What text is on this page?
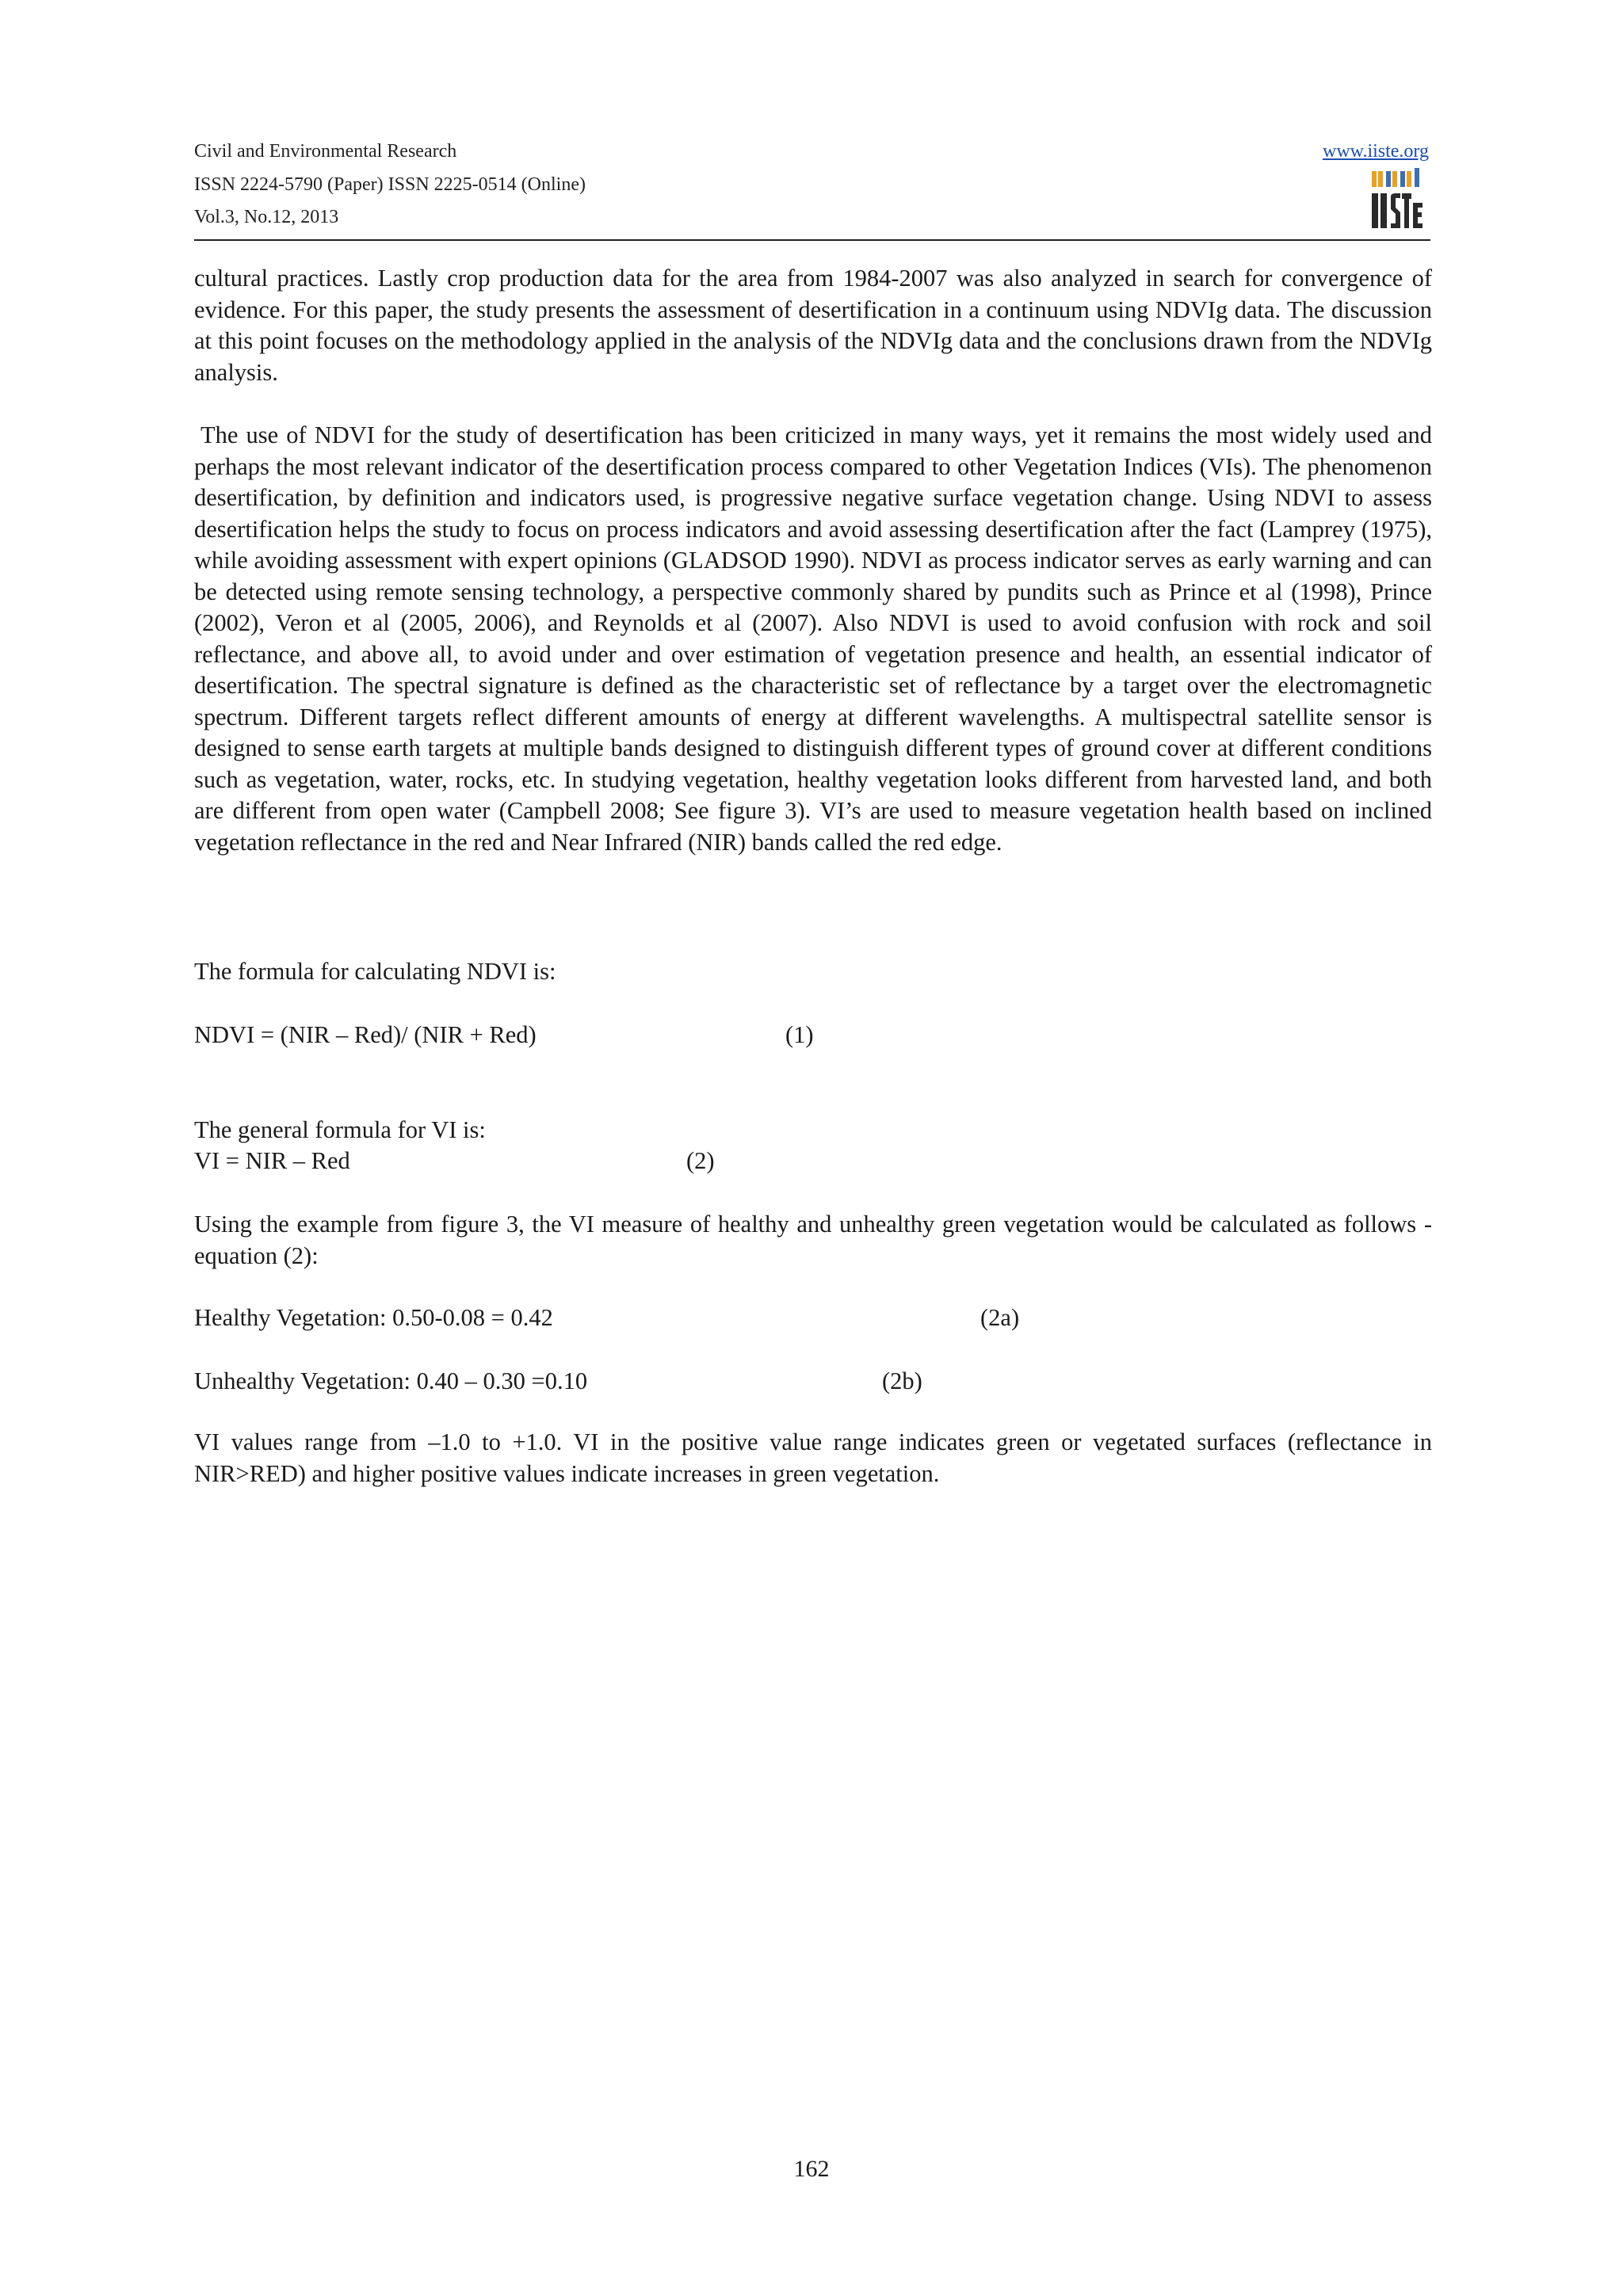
Civil and Environmental Research
ISSN 2224-5790 (Paper) ISSN 2225-0514 (Online)
Vol.3, No.12, 2013
www.iiste.org

cultural practices. Lastly crop production data for the area from 1984-2007 was also analyzed in search for convergence of evidence. For this paper, the study presents the assessment of desertification in a continuum using NDVIg data. The discussion at this point focuses on the methodology applied in the analysis of the NDVIg data and the conclusions drawn from the NDVIg analysis.

The use of NDVI for the study of desertification has been criticized in many ways, yet it remains the most widely used and perhaps the most relevant indicator of the desertification process compared to other Vegetation Indices (VIs). The phenomenon desertification, by definition and indicators used, is progressive negative surface vegetation change. Using NDVI to assess desertification helps the study to focus on process indicators and avoid assessing desertification after the fact (Lamprey (1975), while avoiding assessment with expert opinions (GLADSOD 1990). NDVI as process indicator serves as early warning and can be detected using remote sensing technology, a perspective commonly shared by pundits such as Prince et al (1998), Prince (2002), Veron et al (2005, 2006), and Reynolds et al (2007). Also NDVI is used to avoid confusion with rock and soil reflectance, and above all, to avoid under and over estimation of vegetation presence and health, an essential indicator of desertification. The spectral signature is defined as the characteristic set of reflectance by a target over the electromagnetic spectrum. Different targets reflect different amounts of energy at different wavelengths. A multispectral satellite sensor is designed to sense earth targets at multiple bands designed to distinguish different types of ground cover at different conditions such as vegetation, water, rocks, etc. In studying vegetation, healthy vegetation looks different from harvested land, and both are different from open water (Campbell 2008; See figure 3). VI’s are used to measure vegetation health based on inclined vegetation reflectance in the red and Near Infrared (NIR) bands called the red edge.

The formula for calculating NDVI is:

NDVI = (NIR – Red)/ (NIR + Red)	(1)

The general formula for VI is:

VI = NIR – Red	(2)

Using the example from figure 3, the VI measure of healthy and unhealthy green vegetation would be calculated as follows - equation (2):

Healthy Vegetation: 0.50-0.08 = 0.42	(2a)

Unhealthy Vegetation: 0.40 – 0.30 =0.10	(2b)

VI values range from –1.0 to +1.0. VI in the positive value range indicates green or vegetated surfaces (reflectance in NIR>RED) and higher positive values indicate increases in green vegetation.

162
